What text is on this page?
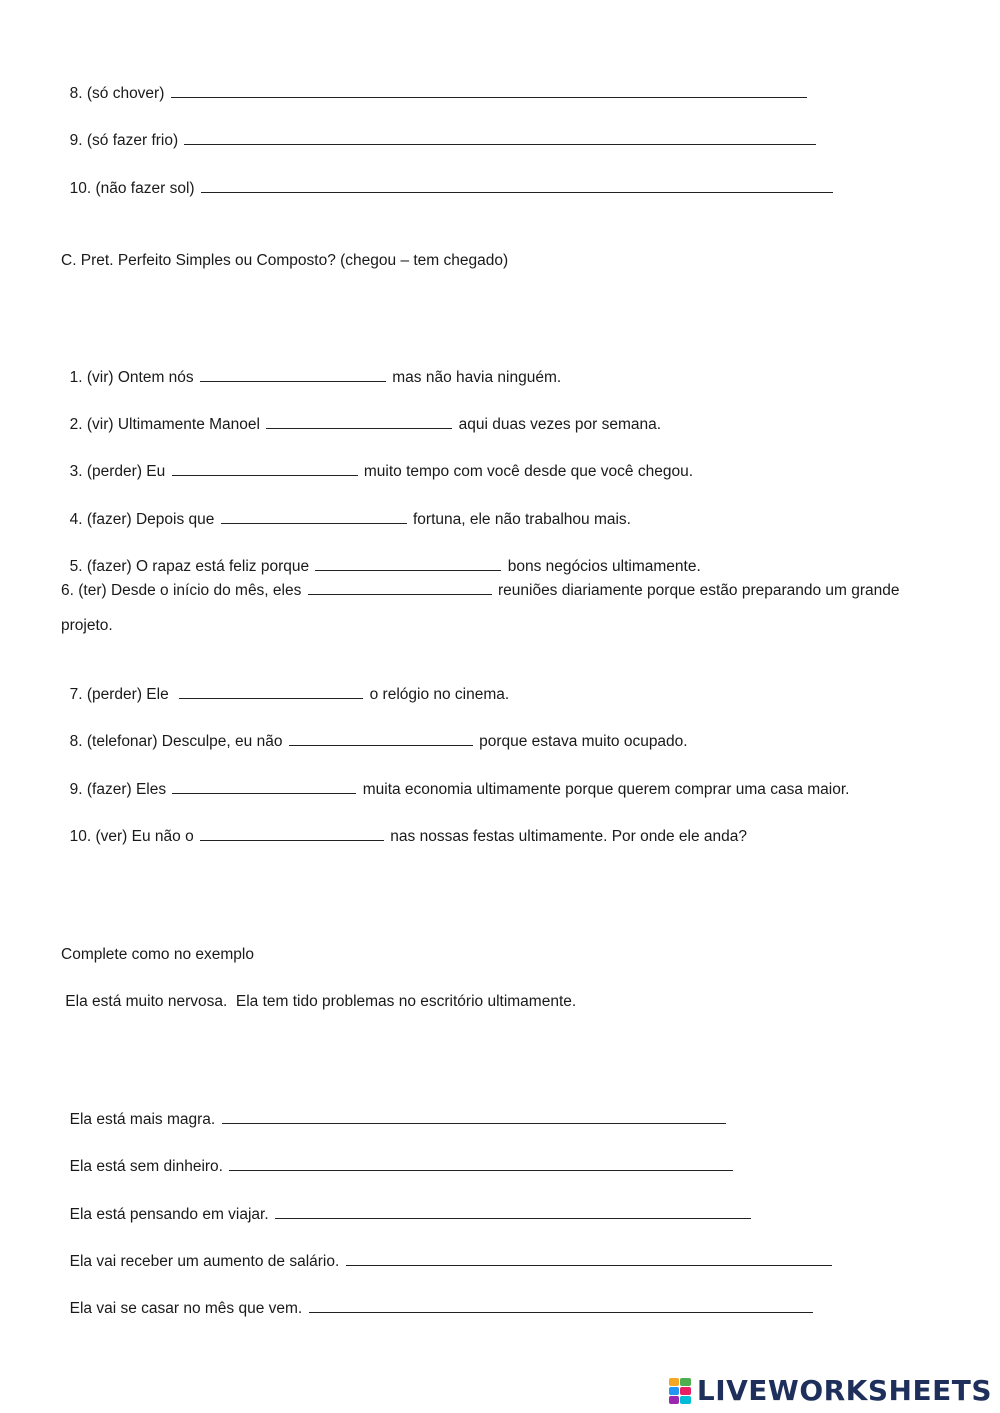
8. (só chover)

9. (só fazer frio)

10. (não fazer sol)

C. Pret. Perfeito Simples ou Composto? (chegou – tem chegado)

1. (vir) Ontem nós	mas não havia ninguém.

2. (vir) Ultimamente Manoel	aqui duas vezes por semana.

3. (perder) Eu	muito tempo com você desde que você chegou.

4. (fazer) Depois que	fortuna, ele não trabalhou mais.

5. (fazer) O rapaz está feliz porque	bons negócios ultimamente.

6. (ter) Desde o início do mês, eles	reuniões diariamente porque estão preparando um grande projeto.

7. (perder) Ele	o relógio no cinema.

8. (telefonar) Desculpe, eu não	porque estava muito ocupado.

9. (fazer) Eles	muita economia ultimamente porque querem comprar uma casa maior.

10. (ver) Eu não o	nas nossas festas ultimamente. Por onde ele anda?

Complete como no exemplo
Ela está muito nervosa.  Ela tem tido problemas no escritório ultimamente.

Ela está mais magra.

Ela está sem dinheiro.

Ela está pensando em viajar.

Ela vai receber um aumento de salário.

Ela vai se casar no mês que vem.

LIVEWORKSHEETS
